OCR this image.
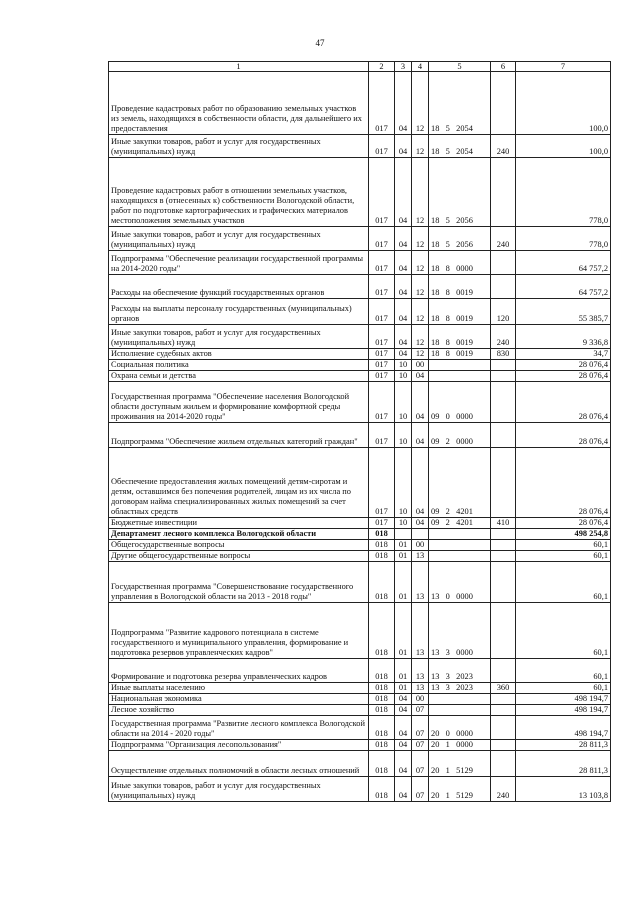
47
1	2	3	4	5	6	7
Проведение кадастровых работ по образованию земельных участков из земель, находящихся в собственности области, для дальнейшего их предоставления	017	04	12	18   5   2054		100,0
Иные закупки товаров, работ и услуг для государственных (муниципальных) нужд	017	04	12	18   5   2054	240	100,0
Проведение кадастровых работ в отношении земельных участков, находящихся в (отнесенных к) собственности Вологодской области, работ по подготовке картографических и графических материалов местоположения земельных участков	017	04	12	18   5   2056		778,0
Иные закупки товаров, работ и услуг для государственных (муниципальных) нужд	017	04	12	18   5   2056	240	778,0
Подпрограмма "Обеспечение реализации государственной программы на 2014-2020 годы"	017	04	12	18   8   0000		64 757,2
Расходы на обеспечение функций государственных органов	017	04	12	18   8   0019		64 757,2
Расходы на выплаты персоналу государственных (муниципальных) органов	017	04	12	18   8   0019	120	55 385,7
Иные закупки товаров, работ и услуг для государственных (муниципальных) нужд	017	04	12	18   8   0019	240	9 336,8
Исполнение судебных актов	017	04	12	18   8   0019	830	34,7
Социальная политика	017	10	00			28 076,4
Охрана семьи и детства	017	10	04			28 076,4
Государственная программа "Обеспечение населения Вологодской области доступным жильем и формирование комфортной среды проживания на 2014-2020 годы"	017	10	04	09   0   0000		28 076,4
Подпрограмма "Обеспечение жильем отдельных категорий граждан"	017	10	04	09   2   0000		28 076,4
Обеспечение предоставления жилых помещений детям-сиротам и детям, оставшимся без попечения родителей, лицам из их числа по договорам найма специализированных жилых помещений за счет областных средств	017	10	04	09   2   4201		28 076,4
Бюджетные инвестиции	017	10	04	09   2   4201	410	28 076,4
Департамент лесного комплекса Вологодской области	018					498 254,8
Общегосударственные вопросы	018	01	00			60,1
Другие общегосударственные вопросы	018	01	13			60,1
Государственная программа "Совершенствование государственного управления в Вологодской области на 2013 - 2018 годы"	018	01	13	13   0   0000		60,1
Подпрограмма "Развитие кадрового потенциала в системе государственного и муниципального управления, формирование и подготовка резервов управленческих кадров"	018	01	13	13   3   0000		60,1
Формирование и подготовка резерва управленческих кадров	018	01	13	13   3   2023		60,1
Иные выплаты населению	018	01	13	13   3   2023	360	60,1
Национальная экономика	018	04	00			498 194,7
Лесное хозяйство	018	04	07			498 194,7
Государственная программа "Развитие лесного комплекса Вологодской области на 2014 - 2020 годы"	018	04	07	20   0   0000		498 194,7
Подпрограмма "Организация лесопользования"	018	04	07	20   1   0000		28 811,3
Осуществление отдельных полномочий в области лесных отношений	018	04	07	20   1   5129		28 811,3
Иные закупки товаров, работ и услуг для государственных (муниципальных) нужд	018	04	07	20   1   5129	240	13 103,8
